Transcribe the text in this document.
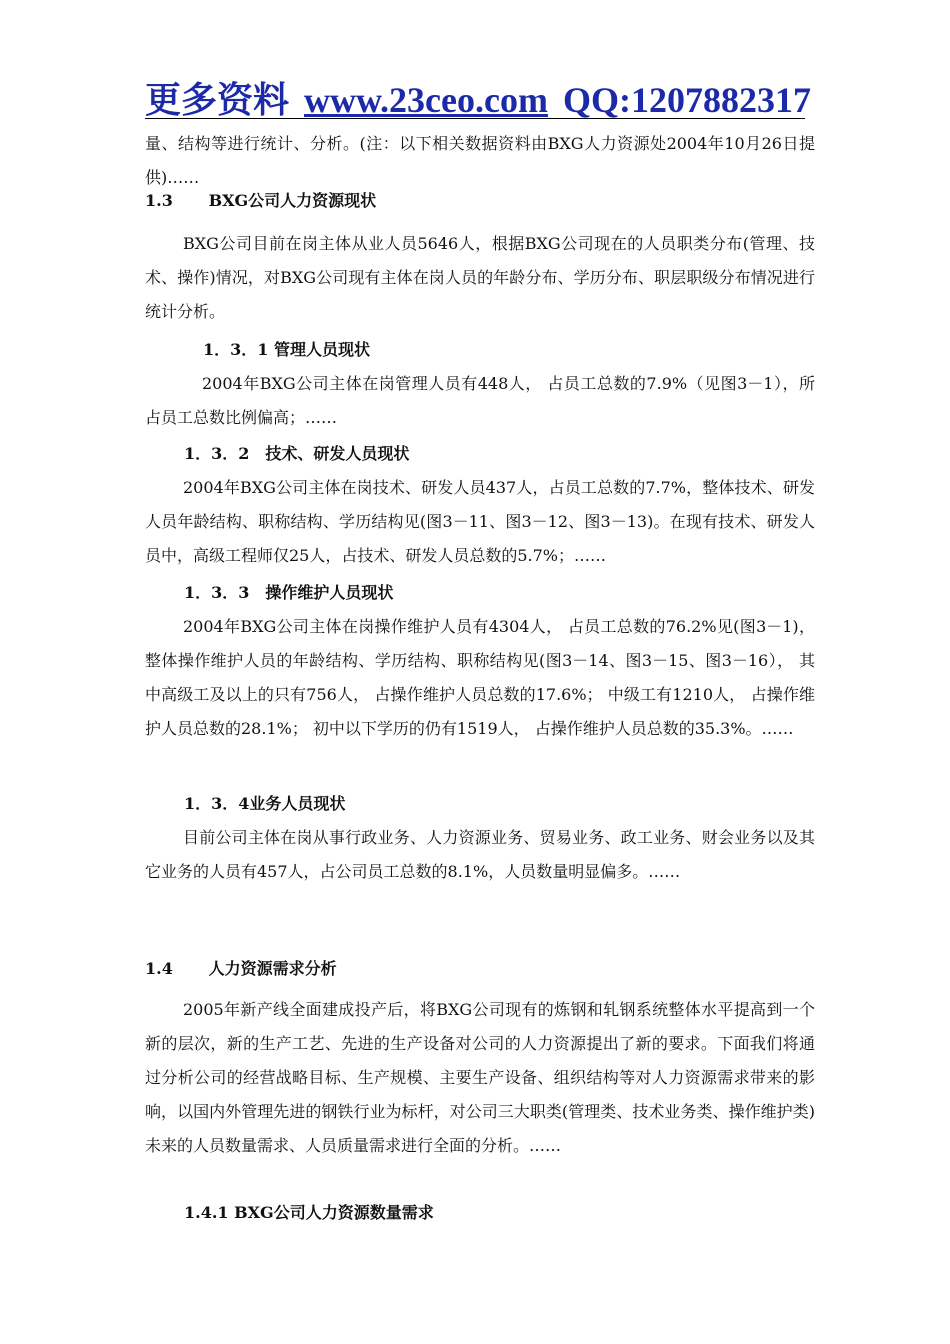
更多资料 www.23ceo.com QQ:1207882317

量、结构等进行统计、分析。(注：以下相关数据资料由BXG人力资源处2004年10月26日提供)……

1.3 BXG公司人力资源现状

BXG公司目前在岗主体从业人员5646人，根据BXG公司现在的人员职类分布(管理、技术、操作)情况，对BXG公司现有主体在岗人员的年龄分布、学历分布、职层职级分布情况进行统计分析。

1．3．1 管理人员现状

2004年BXG公司主体在岗管理人员有448人， 占员工总数的7.9%（见图3－1），所占员工总数比例偏高；……

1．3．2　技术、研发人员现状

2004年BXG公司主体在岗技术、研发人员437人，占员工总数的7.7%，整体技术、研发人员年龄结构、职称结构、学历结构见(图3－11、图3－12、图3－13)。在现有技术、研发人员中，高级工程师仅25人，占技术、研发人员总数的5.7%；……

1．3．3　操作维护人员现状

2004年BXG公司主体在岗操作维护人员有4304人， 占员工总数的76.2%见(图3－1)，整体操作维护人员的年龄结构、学历结构、职称结构见(图3－14、图3－15、图3－16）， 其中高级工及以上的只有756人， 占操作维护人员总数的17.6%； 中级工有1210人， 占操作维护人员总数的28.1%； 初中以下学历的仍有1519人， 占操作维护人员总数的35.3%。……

1．3．4业务人员现状

目前公司主体在岗从事行政业务、人力资源业务、贸易业务、政工业务、财会业务以及其它业务的人员有457人，占公司员工总数的8.1%，人员数量明显偏多。……

1.4 人力资源需求分析

2005年新产线全面建成投产后，将BXG公司现有的炼钢和轧钢系统整体水平提高到一个新的层次，新的生产工艺、先进的生产设备对公司的人力资源提出了新的要求。下面我们将通过分析公司的经营战略目标、生产规模、主要生产设备、组织结构等对人力资源需求带来的影响，以国内外管理先进的钢铁行业为标杆，对公司三大职类(管理类、技术业务类、操作维护类)未来的人员数量需求、人员质量需求进行全面的分析。……

1.4.1 BXG公司人力资源数量需求
